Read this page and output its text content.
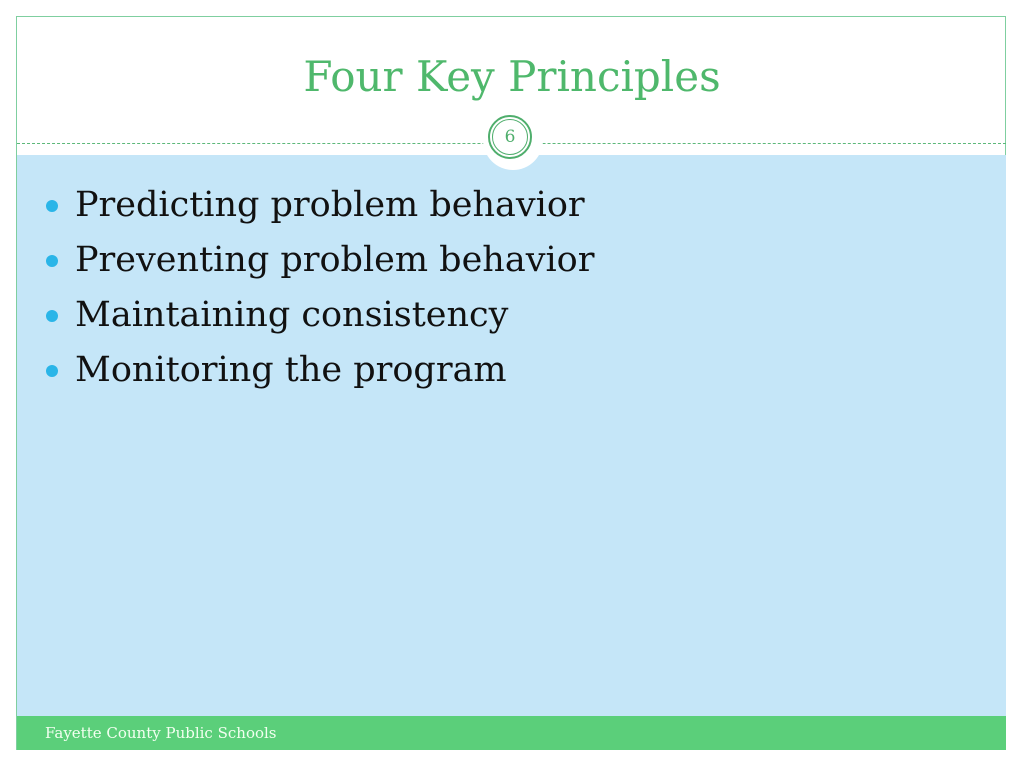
Four Key Principles
6
Predicting problem behavior
Preventing problem behavior
Maintaining consistency
Monitoring the program
Fayette County Public Schools
